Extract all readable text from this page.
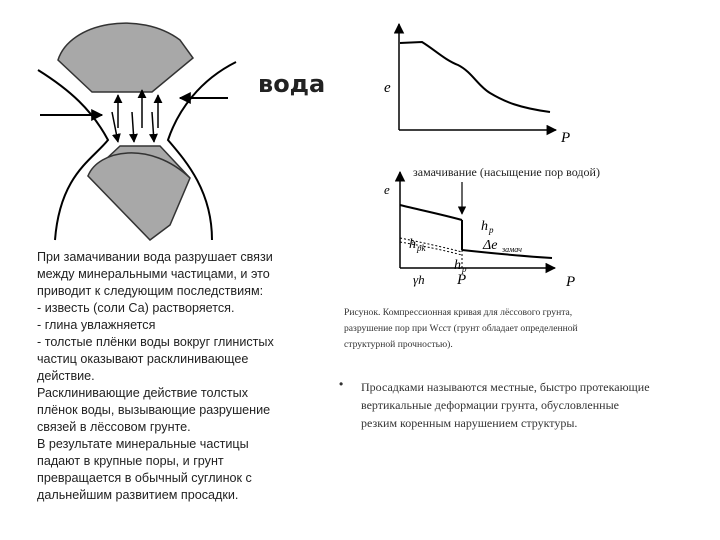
вода	e
P
замачивание (насыщение пор водой)
e
P
P
γh
h p
h pk
h p
Δe замач
При замачивании вода разрушает связи
между минеральными частицами, и это
приводит к следующим последствиям:
- известь (соли Са) растворяется.
- глина увлажняется
- толстые плёнки воды вокруг глинистых
частиц оказывают расклинивающее
действие.
Расклинивающие действие толстых
плёнок воды, вызывающие разрушение
связей в лёссовом грунте.
В результате минеральные частицы
падают в крупные поры, и грунт
превращается в обычный суглинок с
дальнейшим развитием просадки.
Рисунок. Компрессионная кривая для лёссового грунта,
разрушение пор при Wсст (грунт обладает определенной
структурной прочностью).
• Просадками называются местные, быстро протекающие
вертикальные деформации грунта, обусловленные
резким коренным нарушением структуры.
